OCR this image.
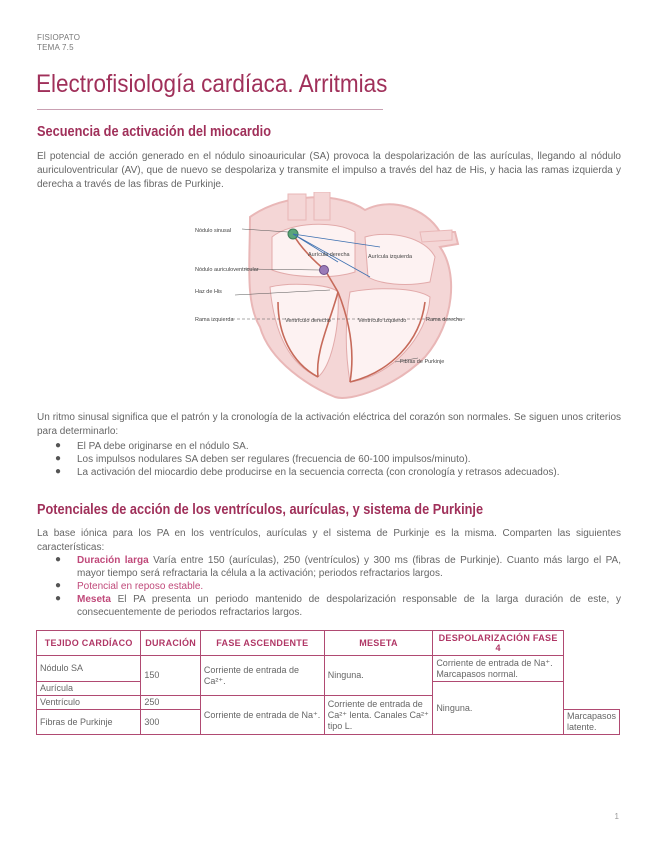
FISIOPATO
TEMA 7.5
Electrofisiología cardíaca. Arritmias
Secuencia de activación del miocardio
El potencial de acción generado en el nódulo sinoauricular (SA) provoca la despolarización de las aurículas, llegando al nódulo auriculoventricular (AV), que de nuevo se despolariza y transmite el impulso a través del haz de His, y hacia las ramas izquierda y derecha a través de las fibras de Purkinje.
Nódulo sinusal
Nódulo auriculoventricular
Haz de His
Rama izquierda	Rama derecha
Fibras de Purkinje
Aurícula derecha	Aurícula izquierda
Ventrículo derecho	Ventrículo izquierdo
Un ritmo sinusal significa que el patrón y la cronología de la activación eléctrica del corazón son normales. Se siguen unos criterios para determinarlo:
● El PA debe originarse en el nódulo SA.
● Los impulsos nodulares SA deben ser regulares (frecuencia de 60-100 impulsos/minuto).
● La activación del miocardio debe producirse en la secuencia correcta (con cronología y retrasos adecuados).
Potenciales de acción de los ventrículos, aurículas, y sistema de Purkinje
La base iónica para los PA en los ventrículos, aurículas y el sistema de Purkinje es la misma. Comparten las siguientes características:
● Duración larga Varía entre 150 (aurículas), 250 (ventrículos) y 300 ms (fibras de Purkinje). Cuanto más largo el PA, mayor tiempo será refractaria la célula a la activación; periodos refractarios largos.
● Potencial en reposo estable.
● Meseta El PA presenta un periodo mantenido de despolarización responsable de la larga duración de este, y consecuentemente de periodos refractarios largos.
TEJIDO CARDÍACO	DURACIÓN	FASE ASCENDENTE	MESETA	DESPOLARIZACIÓN FASE 4	
Nódulo SA	150	Corriente de entrada de Ca²⁺.	Ninguna.	Corriente de entrada de Na⁺. Marcapasos normal.	
Aurícula				Ninguna.	
Ventrículo	250	Corriente de entrada de Na⁺.	Corriente de entrada de Ca²⁺ lenta. Canales Ca²⁺ tipo L.		
Fibras de Purkinje	300				Marcapasos latente.
1
